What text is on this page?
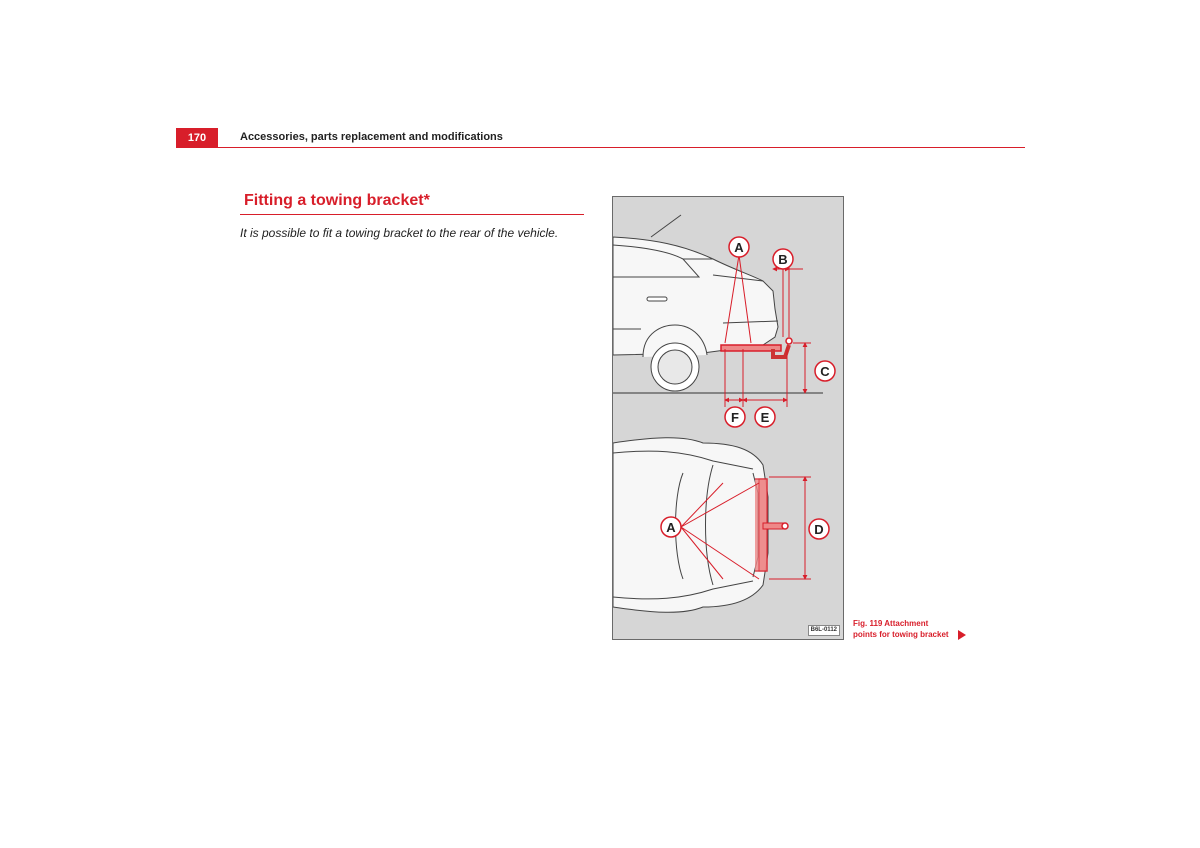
170	Accessories, parts replacement and modifications
Fitting a towing bracket*
It is possible to fit a towing bracket to the rear of the vehicle.
A
B
C
F E
A	D
B6L-0112
Fig. 119 Attachment
points for towing bracket
